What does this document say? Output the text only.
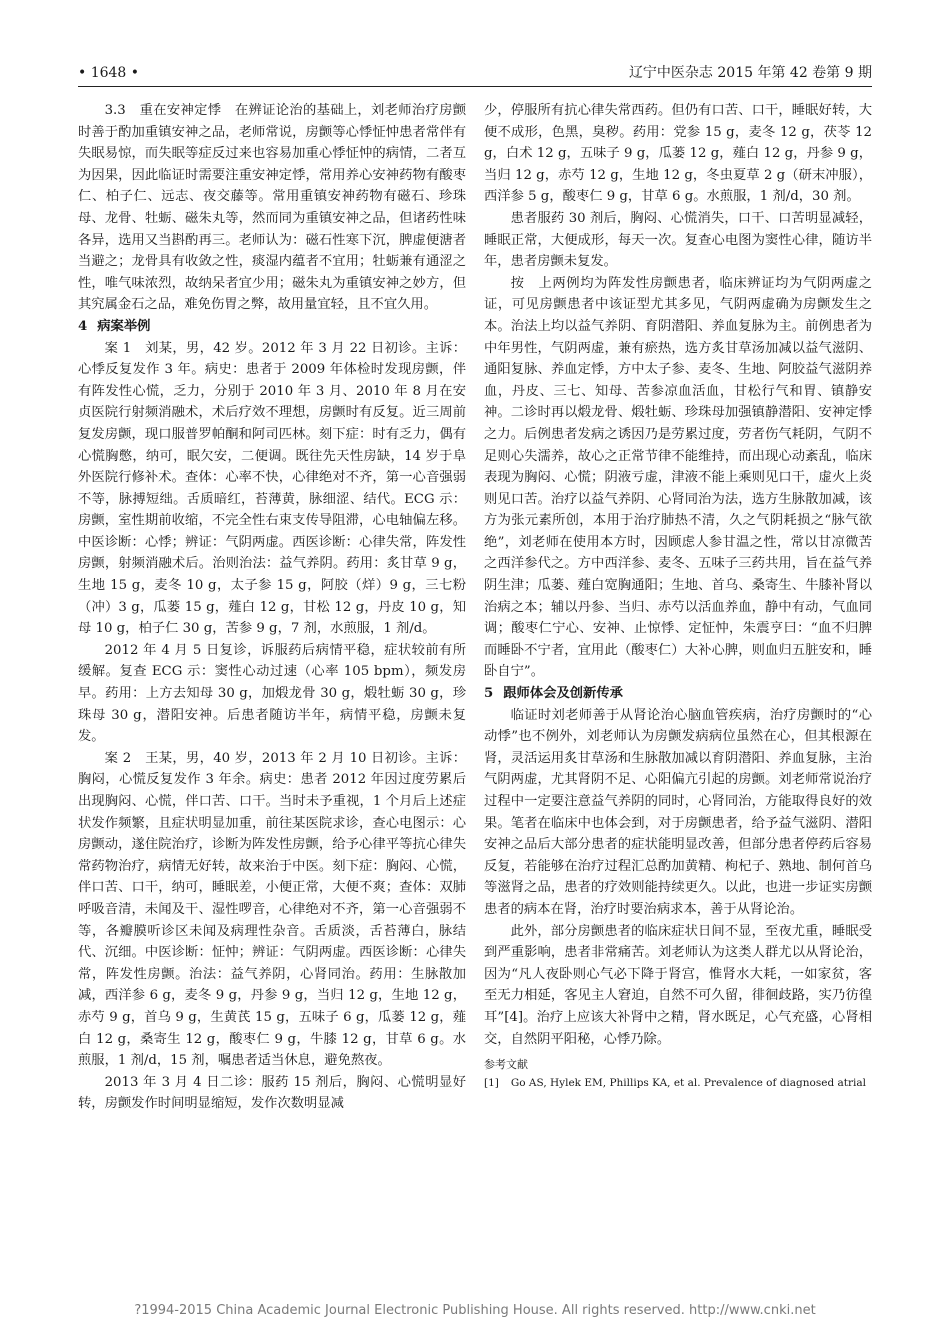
• 1648 •	辽宁中医杂志 2015 年第 42 卷第 9 期

3.3　重在安神定悸　在辨证论治的基础上，刘老师治疗房颤时善于酌加重镇安神之品，老师常说，房颤等心悸怔忡患者常伴有失眠易惊，而失眠等症反过来也容易加重心悸怔忡的病情，二者互为因果，因此临证时需要注重安神定悸，常用养心安神药物有酸枣仁、柏子仁、远志、夜交藤等。常用重镇安神药物有磁石、珍珠母、龙骨、牡蛎、磁朱丸等，然而同为重镇安神之品，但诸药性味各异，选用又当斟酌再三。老师认为：磁石性寒下沉，脾虚便溏者当避之；龙骨具有收敛之性，痰湿内蕴者不宜用；牡蛎兼有通涩之性，唯气味浓烈，故纳呆者宜少用；磁朱丸为重镇安神之妙方，但其究属金石之品，难免伤胃之弊，故用量宜轻，且不宜久用。

4 病案举例

案 1　刘某，男，42 岁。2012 年 3 月 22 日初诊。主诉：心悸反复发作 3 年。病史：患者于 2009 年体检时发现房颤，伴有阵发性心慌，乏力，分别于 2010 年 3 月、2010 年 8 月在安贞医院行射频消融术，术后疗效不理想，房颤时有反复。近三周前复发房颤，现口服普罗帕酮和阿司匹林。刻下症：时有乏力，偶有心慌胸憋，纳可，眠欠安，二便调。既往先天性房缺，14 岁于阜外医院行修补术。查体：心率不快，心律绝对不齐，第一心音强弱不等，脉搏短绌。舌质暗红，苔薄黄，脉细涩、结代。ECG 示：房颤，室性期前收缩，不完全性右束支传导阻滞，心电轴偏左移。中医诊断：心悸；辨证：气阴两虚。西医诊断：心律失常，阵发性房颤，射频消融术后。治则治法：益气养阴。药用：炙甘草 9 g，生地 15 g，麦冬 10 g，太子参 15 g，阿胶（烊）9 g，三七粉（冲）3 g，瓜蒌 15 g，薤白 12 g，甘松 12 g，丹皮 10 g，知母 10 g，柏子仁 30 g，苦参 9 g，7 剂，水煎服，1 剂/d。

2012 年 4 月 5 日复诊，诉服药后病情平稳，症状较前有所缓解。复查 ECG 示：窦性心动过速（心率 105 bpm），频发房早。药用：上方去知母 30 g，加煅龙骨 30 g，煅牡蛎 30 g，珍珠母 30 g，潜阳安神。后患者随访半年，病情平稳，房颤未复发。

案 2　王某，男，40 岁，2013 年 2 月 10 日初诊。主诉：胸闷，心慌反复发作 3 年余。病史：患者 2012 年因过度劳累后出现胸闷、心慌，伴口苦、口干。当时未予重视，1 个月后上述症状发作频繁，且症状明显加重，前往某医院求诊，查心电图示：心房颤动，遂住院治疗，诊断为阵发性房颤，给予心律平等抗心律失常药物治疗，病情无好转，故来治于中医。刻下症：胸闷、心慌，伴口苦、口干，纳可，睡眠差，小便正常，大便不爽；查体：双肺呼吸音清，未闻及干、湿性啰音，心律绝对不齐，第一心音强弱不等，各瓣膜听诊区未闻及病理性杂音。舌质淡，舌苔薄白，脉结代、沉细。中医诊断：怔忡；辨证：气阴两虚。西医诊断：心律失常，阵发性房颤。治法：益气养阴，心肾同治。药用：生脉散加减，西洋参 6 g，麦冬 9 g，丹参 9 g，当归 12 g，生地 12 g，赤芍 9 g，首乌 9 g，生黄芪 15 g，五味子 6 g，瓜蒌 12 g，薤白 12 g，桑寄生 12 g，酸枣仁 9 g，牛膝 12 g，甘草 6 g。水煎服，1 剂/d，15 剂，嘱患者适当休息，避免熬夜。

2013 年 3 月 4 日二诊：服药 15 剂后，胸闷、心慌明显好转，房颤发作时间明显缩短，发作次数明显减

少，停服所有抗心律失常西药。但仍有口苦、口干，睡眠好转，大便不成形，色黑，臭秽。药用：党参 15 g，麦冬 12 g，茯苓 12 g，白术 12 g，五味子 9 g，瓜蒌 12 g，薤白 12 g，丹参 9 g，当归 12 g，赤芍 12 g，生地 12 g，冬虫夏草 2 g（研末冲服），西洋参 5 g，酸枣仁 9 g，甘草 6 g。水煎服，1 剂/d，30 剂。

患者服药 30 剂后，胸闷、心慌消失，口干、口苦明显减轻，睡眠正常，大便成形，每天一次。复查心电图为窦性心律，随访半年，患者房颤未复发。

按　上两例均为阵发性房颤患者，临床辨证均为气阴两虚之证，可见房颤患者中该证型尤其多见，气阴两虚确为房颤发生之本。治法上均以益气养阴、育阴潜阳、养血复脉为主。前例患者为中年男性，气阴两虚，兼有瘀热，选方炙甘草汤加减以益气滋阴、通阳复脉、养血定悸，方中太子参、麦冬、生地、阿胶益气滋阴养血，丹皮、三七、知母、苦参凉血活血，甘松行气和胃、镇静安神。二诊时再以煅龙骨、煅牡蛎、珍珠母加强镇静潜阳、安神定悸之力。后例患者发病之诱因乃是劳累过度，劳者伤气耗阴，气阴不足则心失濡养，故心之正常节律不能维持，而出现心动紊乱，临床表现为胸闷、心慌；阴液亏虚，津液不能上乘则见口干，虚火上炎则见口苦。治疗以益气养阴、心肾同治为法，选方生脉散加减，该方为张元素所创，本用于治疗肺热不清，久之气阴耗损之“脉气欲绝”，刘老师在使用本方时，因顾虑人参甘温之性，常以甘凉微苦之西洋参代之。方中西洋参、麦冬、五味子三药共用，旨在益气养阴生津；瓜蒌、薤白宽胸通阳；生地、首乌、桑寄生、牛膝补肾以治病之本；辅以丹参、当归、赤芍以活血养血，静中有动，气血同调；酸枣仁宁心、安神、止惊悸、定怔忡，朱震亨曰：“血不归脾而睡卧不宁者，宜用此（酸枣仁）大补心脾，则血归五脏安和，睡卧自宁”。

5 跟师体会及创新传承

临证时刘老师善于从肾论治心脑血管疾病，治疗房颤时的“心动悸”也不例外，刘老师认为房颤发病病位虽然在心，但其根源在肾，灵活运用炙甘草汤和生脉散加减以育阴潜阳、养血复脉，主治气阴两虚，尤其肾阴不足、心阳偏亢引起的房颤。刘老师常说治疗过程中一定要注意益气养阴的同时，心肾同治，方能取得良好的效果。笔者在临床中也体会到，对于房颤患者，给予益气滋阴、潜阳安神之品后大部分患者的症状能明显改善，但部分患者停药后容易反复，若能够在治疗过程汇总酌加黄精、枸杞子、熟地、制何首乌等滋肾之品，患者的疗效则能持续更久。以此，也进一步证实房颤患者的病本在肾，治疗时要治病求本，善于从肾论治。

此外，部分房颤患者的临床症状日间不显，至夜尤重，睡眠受到严重影响，患者非常痛苦。刘老师认为这类人群尤以从肾论治，因为“凡人夜卧则心气必下降于肾宫，惟肾水大耗，一如家贫，客至无力相延，客见主人窘迫，自然不可久留，徘徊歧路，实乃彷徨耳”[4]。治疗上应该大补肾中之精，肾水既足，心气充盛，心肾相交，自然阴平阳秘，心悸乃除。

参考文献
[1] Go AS, Hylek EM, Phillips KA, et al. Prevalence of diagnosed atrial
?1994-2015 China Academic Journal Electronic Publishing House. All rights reserved. http://www.cnki.net
